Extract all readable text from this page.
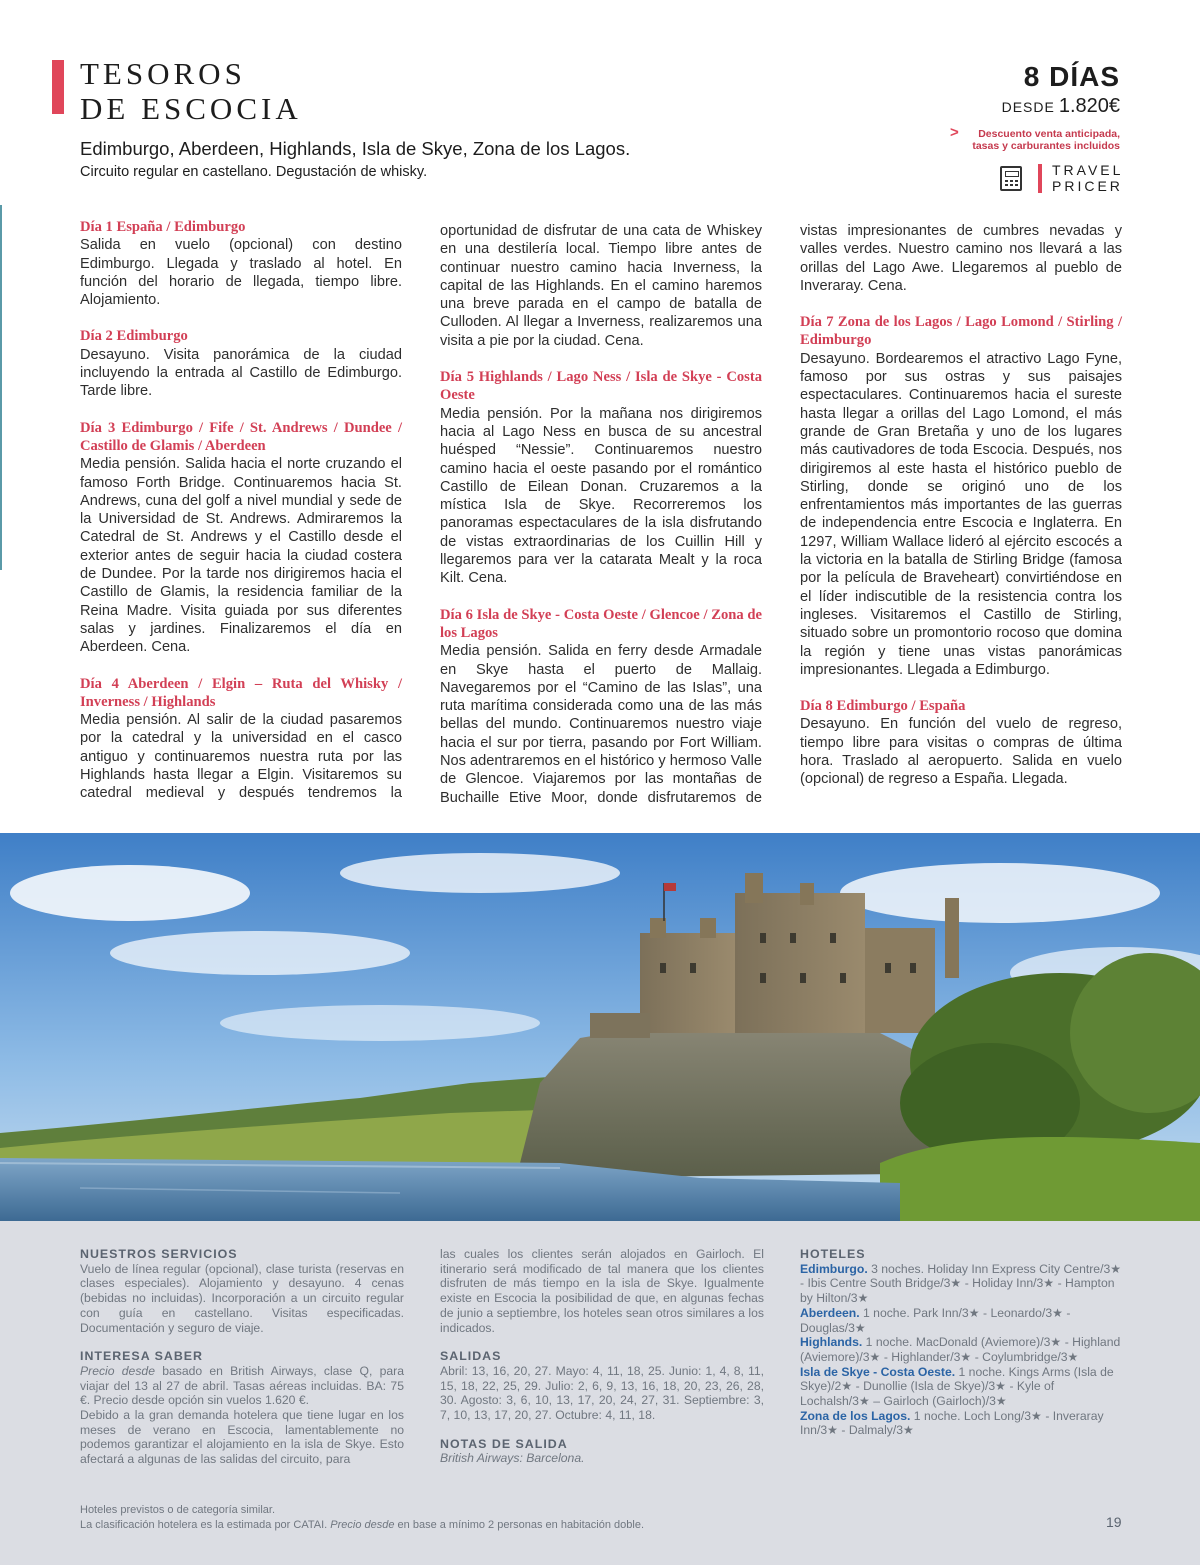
TESOROS
DE ESCOCIA
Edimburgo, Aberdeen, Highlands, Isla de Skye, Zona de los Lagos.
Circuito regular en castellano. Degustación de whisky.
8 DÍAS
DESDE 1.820€
>	Descuento venta anticipada,
tasas y carburantes incluidos
TRAVEL
PRICER

Día 1 España / Edimburgo

Salida en vuelo (opcional) con destino Edimburgo. Llegada y traslado al hotel. En función del horario de llegada, tiempo libre. Alojamiento.

Día 2 Edimburgo

Desayuno. Visita panorámica de la ciudad incluyendo la entrada al Castillo de Edimburgo. Tarde libre.

Día 3 Edimburgo / Fife / St. Andrews / Dundee / Castillo de Glamis / Aberdeen

Media pensión. Salida hacia el norte cruzando el famoso Forth Bridge. Continuaremos hacia St. Andrews, cuna del golf a nivel mundial y sede de la Universidad de St. Andrews. Admiraremos la Catedral de St. Andrews y el Castillo desde el exterior antes de seguir hacia la ciudad costera de Dundee. Por la tarde nos dirigiremos hacia el Castillo de Glamis, la residencia familiar de la Reina Madre. Visita guiada por sus diferentes salas y jardines. Finalizaremos el día en Aberdeen. Cena.

Día 4 Aberdeen / Elgin – Ruta del Whisky / Inverness / Highlands

Media pensión. Al salir de la ciudad pasaremos por la catedral y la universidad en el casco antiguo y continuaremos nuestra ruta por las Highlands hasta llegar a Elgin. Visitaremos su catedral medieval y después tendremos la

oportunidad de disfrutar de una cata de Whiskey en una destilería local. Tiempo libre antes de continuar nuestro camino hacia Inverness, la capital de las Highlands. En el camino haremos una breve parada en el campo de batalla de Culloden. Al llegar a Inverness, realizaremos una visita a pie por la ciudad. Cena.

Día 5 Highlands / Lago Ness / Isla de Skye - Costa Oeste

Media pensión. Por la mañana nos dirigiremos hacia al Lago Ness en busca de su ancestral huésped “Nessie”. Continuaremos nuestro camino hacia el oeste pasando por el romántico Castillo de Eilean Donan. Cruzaremos a la mística Isla de Skye. Recorreremos los panoramas espectaculares de la isla disfrutando de vistas extraordinarias de los Cuillin Hill y llegaremos para ver la catarata Mealt y la roca Kilt. Cena.

Día 6 Isla de Skye - Costa Oeste / Glencoe / Zona de los Lagos

Media pensión. Salida en ferry desde Armadale en Skye hasta el puerto de Mallaig. Navegaremos por el “Camino de las Islas”, una ruta marítima considerada como una de las más bellas del mundo. Continuaremos nuestro viaje hacia el sur por tierra, pasando por Fort William. Nos adentraremos en el histórico y hermoso Valle de Glencoe. Viajaremos por las montañas de Buchaille Etive Moor, donde disfrutaremos de

vistas impresionantes de cumbres nevadas y valles verdes. Nuestro camino nos llevará a las orillas del Lago Awe. Llegaremos al pueblo de Inveraray. Cena.

Día 7 Zona de los Lagos / Lago Lomond / Stirling / Edimburgo

Desayuno. Bordearemos el atractivo Lago Fyne, famoso por sus ostras y sus paisajes espectaculares. Continuaremos hacia el sureste hasta llegar a orillas del Lago Lomond, el más grande de Gran Bretaña y uno de los lugares más cautivadores de toda Escocia. Después, nos dirigiremos al este hasta el histórico pueblo de Stirling, donde se originó uno de los enfrentamientos más importantes de las guerras de independencia entre Escocia e Inglaterra. En 1297, William Wallace lideró al ejército escocés a la victoria en la batalla de Stirling Bridge (famosa por la película de Braveheart) convirtiéndose en el líder indiscutible de la resistencia contra los ingleses. Visitaremos el Castillo de Stirling, situado sobre un promontorio rocoso que domina la región y tiene unas vistas panorámicas impresionantes. Llegada a Edimburgo.

Día 8 Edimburgo / España

Desayuno. En función del vuelo de regreso, tiempo libre para visitas o compras de última hora. Traslado al aeropuerto. Salida en vuelo (opcional) de regreso a España. Llegada.

NUESTROS SERVICIOS

Vuelo de línea regular (opcional), clase turista (reservas en clases especiales). Alojamiento y desayuno. 4 cenas (bebidas no incluidas). Incorporación a un circuito regular con guía en castellano. Visitas especificadas. Documentación y seguro de viaje.

INTERESA SABER

Precio desde basado en British Airways, clase Q, para viajar del 13 al 27 de abril. Tasas aéreas incluidas. BA: 75 €. Precio desde opción sin vuelos 1.620 €.

Debido a la gran demanda hotelera que tiene lugar en los meses de verano en Escocia, lamentablemente no podemos garantizar el alojamiento en la isla de Skye. Esto afectará a algunas de las salidas del circuito, para

las cuales los clientes serán alojados en Gairloch. El itinerario será modificado de tal manera que los clientes disfruten de más tiempo en la isla de Skye. Igualmente existe en Escocia la posibilidad de que, en algunas fechas de junio a septiembre, los hoteles sean otros similares a los indicados.

SALIDAS

Abril: 13, 16, 20, 27. Mayo: 4, 11, 18, 25. Junio: 1, 4, 8, 11, 15, 18, 22, 25, 29. Julio: 2, 6, 9, 13, 16, 18, 20, 23, 26, 28, 30. Agosto: 3, 6, 10, 13, 17, 20, 24, 27, 31. Septiembre: 3, 7, 10, 13, 17, 20, 27. Octubre: 4, 11, 18.

NOTAS DE SALIDA

British Airways: Barcelona.

HOTELES

Edimburgo. 3 noches. Holiday Inn Express City Centre/3★ - Ibis Centre South Bridge/3★ - Holiday Inn/3★ - Hampton by Hilton/3★

Aberdeen. 1 noche. Park Inn/3★ - Leonardo/3★ - Douglas/3★

Highlands. 1 noche. MacDonald (Aviemore)/3★ - Highland (Aviemore)/3★ - Highlander/3★ - Coylumbridge/3★

Isla de Skye - Costa Oeste. 1 noche. Kings Arms (Isla de Skye)/2★ - Dunollie (Isla de Skye)/3★ - Kyle of Lochalsh/3★ – Gairloch (Gairloch)/3★

Zona de los Lagos. 1 noche. Loch Long/3★ - Inveraray Inn/3★ - Dalmaly/3★

Hoteles previstos o de categoría similar.
La clasificación hotelera es la estimada por CATAI. Precio desde en base a mínimo 2 personas en habitación doble.	19
